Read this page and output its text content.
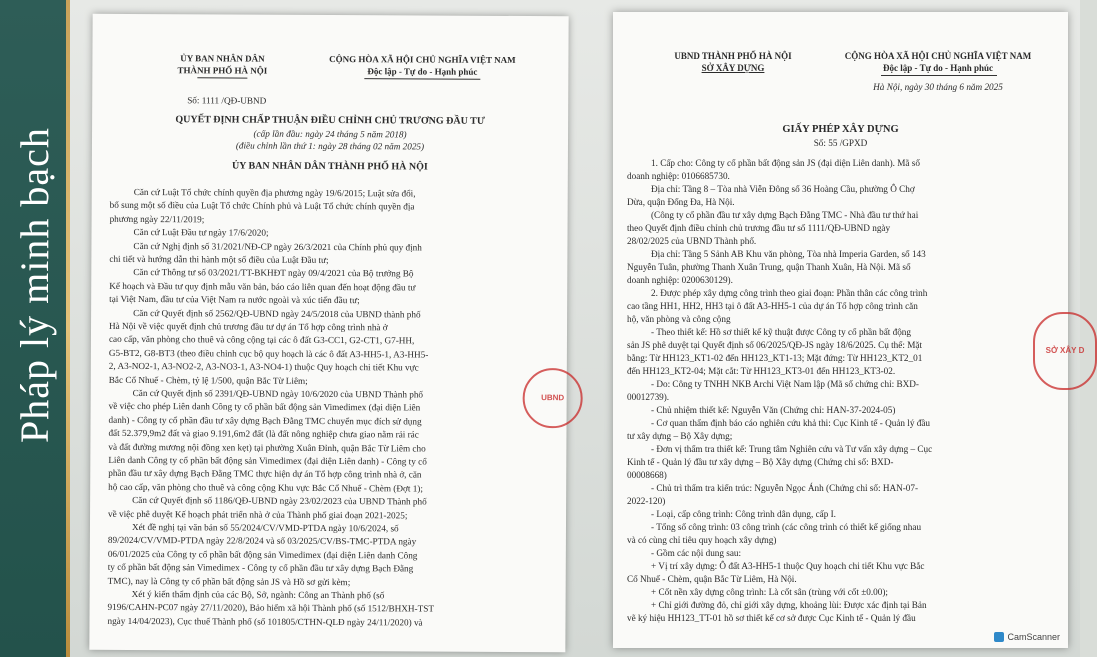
Pháp lý minh bạch
ỦY BAN NHÂN DÂN
THÀNH PHỐ HÀ NỘI
CỘNG HÒA XÃ HỘI CHỦ NGHĨA VIỆT NAM
Độc lập - Tự do - Hạnh phúc
Số: 1111 /QĐ-UBND
QUYẾT ĐỊNH CHẤP THUẬN ĐIỀU CHỈNH CHỦ TRƯƠNG ĐẦU TƯ
(cấp lần đầu: ngày 24 tháng 5 năm 2018)
(điều chỉnh lần thứ 1: ngày 28 tháng 02 năm 2025)
ỦY BAN NHÂN DÂN THÀNH PHỐ HÀ NỘI
Căn cứ Luật Tổ chức chính quyền địa phương ngày 19/6/2015; Luật sửa đổi,
bổ sung một số điều của Luật Tổ chức Chính phủ và Luật Tổ chức chính quyền địa
phương ngày 22/11/2019;
Căn cứ Luật Đầu tư ngày 17/6/2020;
Căn cứ Nghị định số 31/2021/NĐ-CP ngày 26/3/2021 của Chính phủ quy định
chi tiết và hướng dẫn thi hành một số điều của Luật Đầu tư;
Căn cứ Thông tư số 03/2021/TT-BKHĐT ngày 09/4/2021 của Bộ trưởng Bộ
Kế hoạch và Đầu tư quy định mẫu văn bản, báo cáo liên quan đến hoạt động đầu tư
tại Việt Nam, đầu tư của Việt Nam ra nước ngoài và xúc tiến đầu tư;
Căn cứ Quyết định số 2562/QĐ-UBND ngày 24/5/2018 của UBND thành phố
Hà Nội về việc quyết định chủ trương đầu tư dự án Tổ hợp công trình nhà ở
cao cấp, văn phòng cho thuê và công cộng tại các ô đất G3-CC1, G2-CT1, G7-HH,
G5-BT2, G8-BT3 (theo điều chỉnh cục bộ quy hoạch là các ô đất A3-HH5-1, A3-HH5-
2, A3-NO2-1, A3-NO2-2, A3-NO3-1, A3-NO4-1) thuộc Quy hoạch chi tiết Khu vực
Bắc Cổ Nhuế - Chèm, tỷ lệ 1/500, quận Bắc Từ Liêm;
Căn cứ Quyết định số 2391/QĐ-UBND ngày 10/6/2020 của UBND Thành phố
về việc cho phép Liên danh Công ty cổ phần bất động sản Vimedimex (đại diện Liên
danh) - Công ty cổ phần đầu tư xây dựng Bạch Đằng TMC chuyển mục đích sử dụng
đất 52.379,9m2 đất và giao 9.191,6m2 đất (là đất nông nghiệp chưa giao nằm rải rác
và đất đường mương nội đồng xen kẹt) tại phường Xuân Đỉnh, quận Bắc Từ Liêm cho
Liên danh Công ty cổ phần bất động sản Vimedimex (đại diện Liên danh) - Công ty cổ
phần đầu tư xây dựng Bạch Đằng TMC thực hiện dự án Tổ hợp công trình nhà ở, căn
hộ cao cấp, văn phòng cho thuê và công cộng Khu vực Bắc Cổ Nhuế - Chèm (Đợt 1);
Căn cứ Quyết định số 1186/QĐ-UBND ngày 23/02/2023 của UBND Thành phố
về việc phê duyệt Kế hoạch phát triển nhà ở của Thành phố giai đoạn 2021-2025;
Xét đề nghị tại văn bản số 55/2024/CV/VMD-PTDA ngày 10/6/2024, số
89/2024/CV/VMD-PTDA ngày 22/8/2024 và số 03/2025/CV/BS-TMC-PTDA ngày
06/01/2025 của Công ty cổ phần bất động sản Vimedimex (đại diện Liên danh Công
ty cổ phần bất động sản Vimedimex - Công ty cổ phần đầu tư xây dựng Bạch Đằng
TMC), nay là Công ty cổ phần bất động sản JS và Hồ sơ gửi kèm;
Xét ý kiến thẩm định của các Bộ, Sở, ngành: Công an Thành phố (số
9196/CAHN-PC07 ngày 27/11/2020), Bảo hiểm xã hội Thành phố (số 1512/BHXH-TST
ngày 14/04/2023), Cục thuế Thành phố (số 101805/CTHN-QLĐ ngày 24/11/2020) và
UBND
UBND THÀNH PHỐ HÀ NỘI
SỞ XÂY DỰNG
CỘNG HÒA XÃ HỘI CHỦ NGHĨA VIỆT NAM
Độc lập - Tự do - Hạnh phúc
Hà Nội, ngày 30 tháng 6 năm 2025
GIẤY PHÉP XÂY DỰNG
Số: 55 /GPXD
1. Cấp cho: Công ty cổ phần bất động sản JS (đại diện Liên danh). Mã số
doanh nghiệp: 0106685730.
Địa chỉ: Tầng 8 – Tòa nhà Viễn Đông số 36 Hoàng Cầu, phường Ô Chợ
Dừa, quận Đống Đa, Hà Nội.
(Công ty cổ phần đầu tư xây dựng Bạch Đằng TMC - Nhà đầu tư thứ hai
theo Quyết định điều chỉnh chủ trương đầu tư số 1111/QĐ-UBND ngày
28/02/2025 của UBND Thành phố.
Địa chỉ: Tầng 5 Sảnh AB Khu văn phòng, Tòa nhà Imperia Garden, số 143
Nguyễn Tuân, phường Thanh Xuân Trung, quận Thanh Xuân, Hà Nội. Mã số
doanh nghiệp: 0200630129).
2. Được phép xây dựng công trình theo giai đoạn: Phần thân các công trình
cao tầng HH1, HH2, HH3 tại ô đất A3-HH5-1 của dự án Tổ hợp công trình căn
hộ, văn phòng và công cộng
- Theo thiết kế: Hồ sơ thiết kế kỹ thuật được Công ty cổ phần bất động
sản JS phê duyệt tại Quyết định số 06/2025/QĐ-JS ngày 18/6/2025. Cụ thể: Mặt
bằng: Từ HH123_KT1-02 đến HH123_KT1-13; Mặt đứng: Từ HH123_KT2_01
đến HH123_KT2-04; Mặt cắt: Từ HH123_KT3-01 đến HH123_KT3-02.
- Do: Công ty TNHH NKB Archi Việt Nam lập (Mã số chứng chỉ: BXD-
00012739).
- Chủ nhiệm thiết kế: Nguyễn Văn (Chứng chỉ: HAN-37-2024-05)
- Cơ quan thẩm định báo cáo nghiên cứu khả thi: Cục Kinh tế - Quản lý đầu
tư xây dựng – Bộ Xây dựng;
- Đơn vị thẩm tra thiết kế: Trung tâm Nghiên cứu và Tư vấn xây dựng – Cục
Kinh tế - Quản lý đầu tư xây dựng – Bộ Xây dựng (Chứng chỉ số: BXD-
00008668)
- Chủ trì thẩm tra kiến trúc: Nguyễn Ngọc Ánh (Chứng chỉ số: HAN-07-
2022-120)
- Loại, cấp công trình: Công trình dân dụng, cấp I.
- Tổng số công trình: 03 công trình (các công trình có thiết kế giống nhau
và có cùng chỉ tiêu quy hoạch xây dựng)
- Gồm các nội dung sau:
+ Vị trí xây dựng: Ô đất A3-HH5-1 thuộc Quy hoạch chi tiết Khu vực Bắc
Cổ Nhuế - Chèm, quận Bắc Từ Liêm, Hà Nội.
+ Cốt nền xây dựng công trình: Là cốt sân (trùng với cốt ±0.00);
+ Chỉ giới đường đỏ, chỉ giới xây dựng, khoảng lùi: Được xác định tại Bản
vẽ ký hiệu HH123_TT-01 hồ sơ thiết kế cơ sở được Cục Kinh tế - Quản lý đầu
SỞ XÂY D
CamScanner
